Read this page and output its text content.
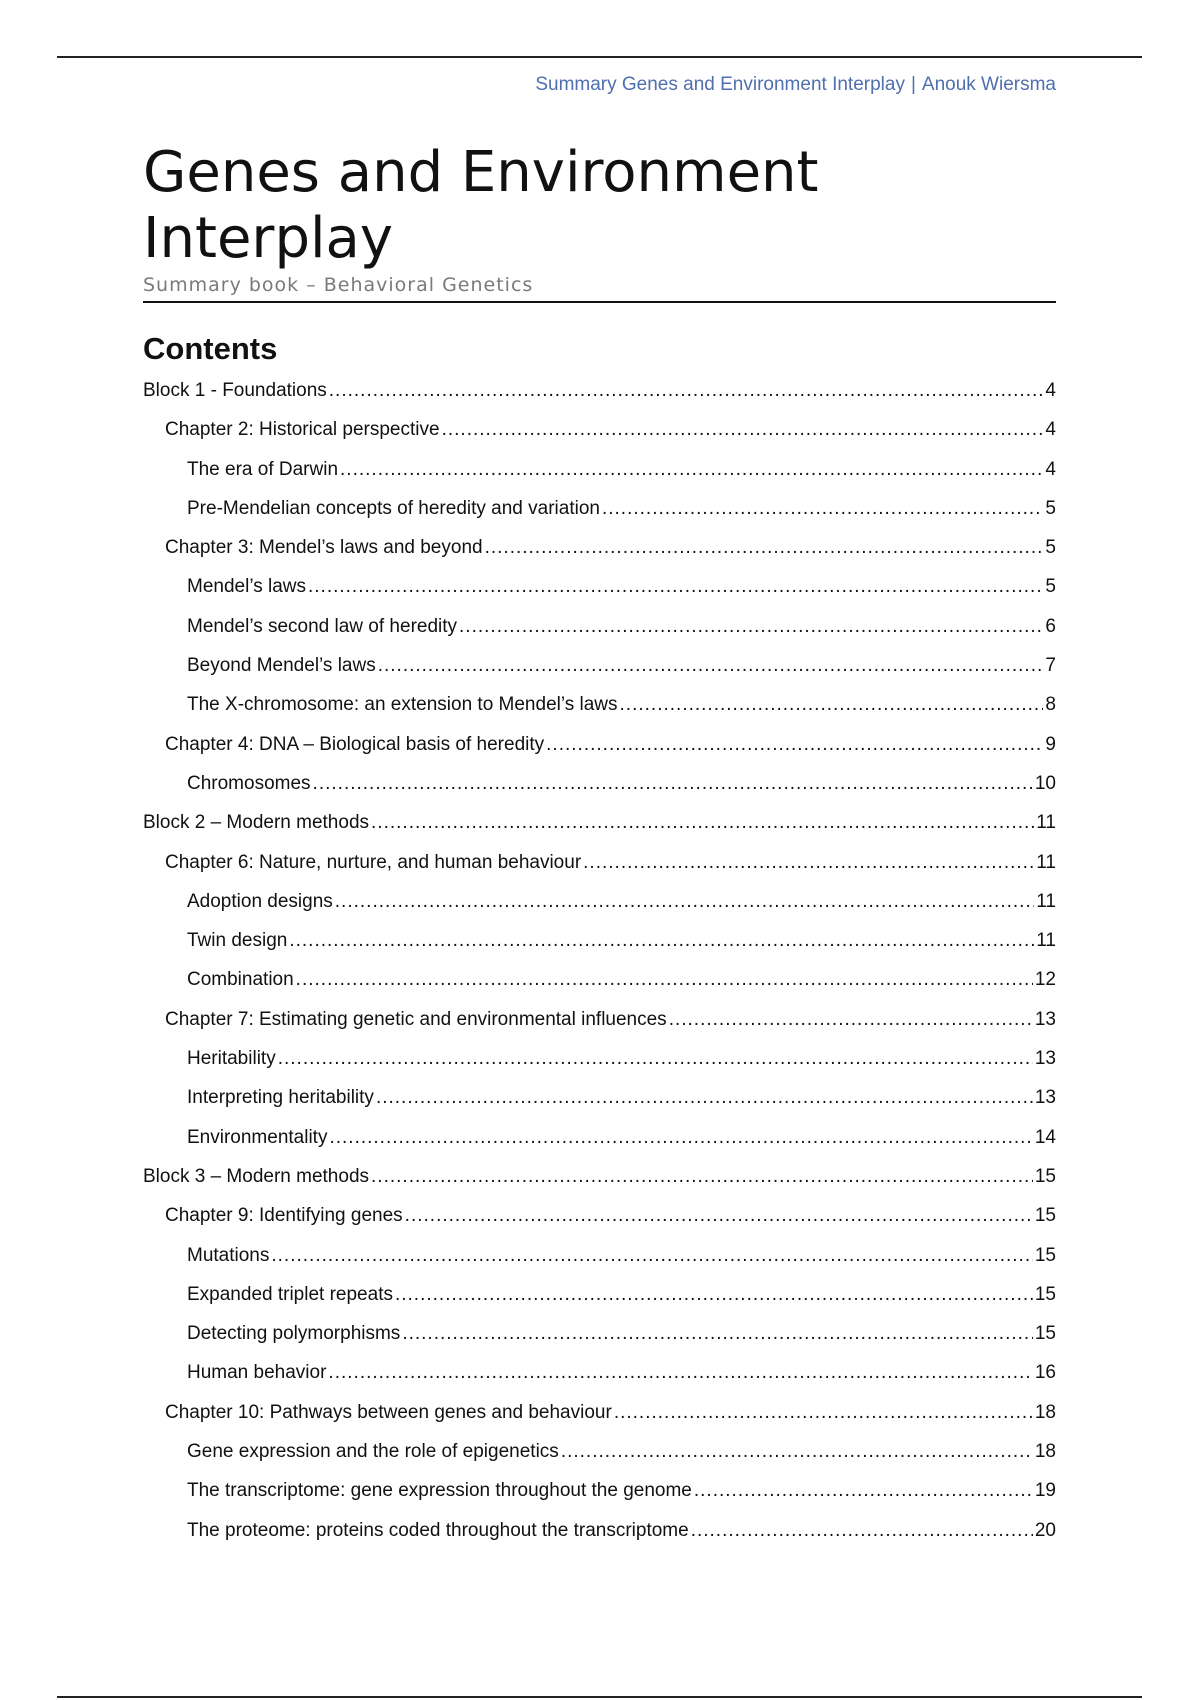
Summary Genes and Environment Interplay | Anouk Wiersma
Genes and Environment
Interplay
Summary book – Behavioral Genetics
Contents
Block 1 - Foundations .....	4
Chapter 2: Historical perspective .....	4
The era of Darwin .....	4
Pre-Mendelian concepts of heredity and variation .....	5
Chapter 3: Mendel’s laws and beyond .....	5
Mendel’s laws .....	5
Mendel’s second law of heredity .....	6
Beyond Mendel’s laws .....	7
The X-chromosome: an extension to Mendel’s laws .....	8
Chapter 4: DNA – Biological basis of heredity .....	9
Chromosomes .....	10
Block 2 – Modern methods .....	11
Chapter 6: Nature, nurture, and human behaviour .....	11
Adoption designs .....	11
Twin design .....	11
Combination .....	12
Chapter 7: Estimating genetic and environmental influences .....	13
Heritability .....	13
Interpreting heritability .....	13
Environmentality .....	14
Block 3 – Modern methods .....	15
Chapter 9: Identifying genes .....	15
Mutations .....	15
Expanded triplet repeats .....	15
Detecting polymorphisms .....	15
Human behavior .....	16
Chapter 10: Pathways between genes and behaviour .....	18
Gene expression and the role of epigenetics .....	18
The transcriptome: gene expression throughout the genome .....	19
The proteome: proteins coded throughout the transcriptome .....	20
